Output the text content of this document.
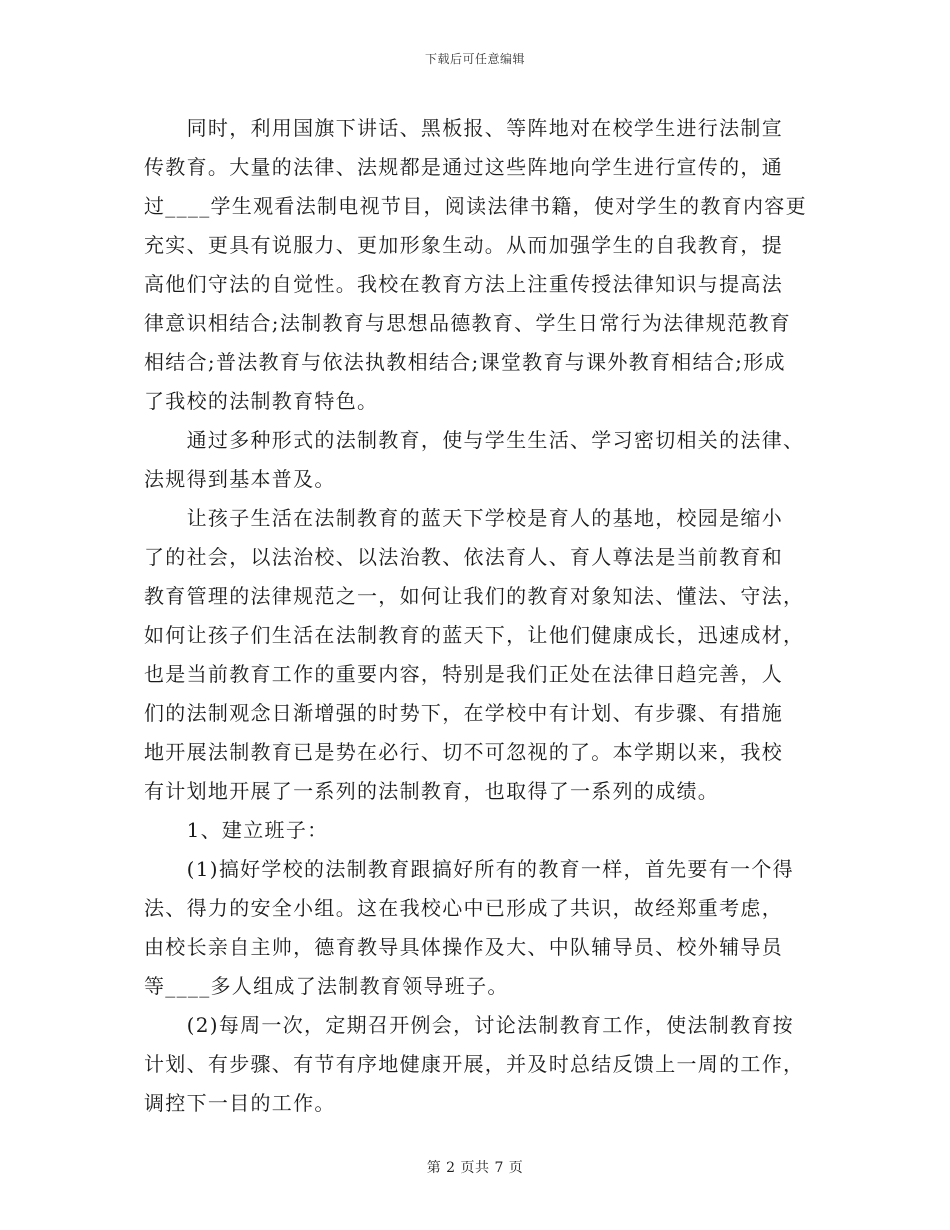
下载后可任意编辑
　　同时，利用国旗下讲话、黑板报、等阵地对在校学生进行法制宣
传教育。大量的法律、法规都是通过这些阵地向学生进行宣传的，通
过____学生观看法制电视节目，阅读法律书籍，使对学生的教育内容更
充实、更具有说服力、更加形象生动。从而加强学生的自我教育，提
高他们守法的自觉性。我校在教育方法上注重传授法律知识与提高法
律意识相结合;法制教育与思想品德教育、学生日常行为法律规范教育
相结合;普法教育与依法执教相结合;课堂教育与课外教育相结合;形成
了我校的法制教育特色。
　　通过多种形式的法制教育，使与学生生活、学习密切相关的法律、
法规得到基本普及。
　　让孩子生活在法制教育的蓝天下学校是育人的基地，校园是缩小
了的社会，以法治校、以法治教、依法育人、育人尊法是当前教育和
教育管理的法律规范之一，如何让我们的教育对象知法、懂法、守法，
如何让孩子们生活在法制教育的蓝天下，让他们健康成长，迅速成材，
也是当前教育工作的重要内容，特别是我们正处在法律日趋完善，人
们的法制观念日渐增强的时势下，在学校中有计划、有步骤、有措施
地开展法制教育已是势在必行、切不可忽视的了。本学期以来，我校
有计划地开展了一系列的法制教育，也取得了一系列的成绩。
　　1、建立班子：
　　(1)搞好学校的法制教育跟搞好所有的教育一样，首先要有一个得
法、得力的安全小组。这在我校心中已形成了共识，故经郑重考虑，
由校长亲自主帅，德育教导具体操作及大、中队辅导员、校外辅导员
等____多人组成了法制教育领导班子。
　　(2)每周一次，定期召开例会，讨论法制教育工作，使法制教育按
计划、有步骤、有节有序地健康开展，并及时总结反馈上一周的工作，
调控下一目的工作。
第 2 页共 7 页
